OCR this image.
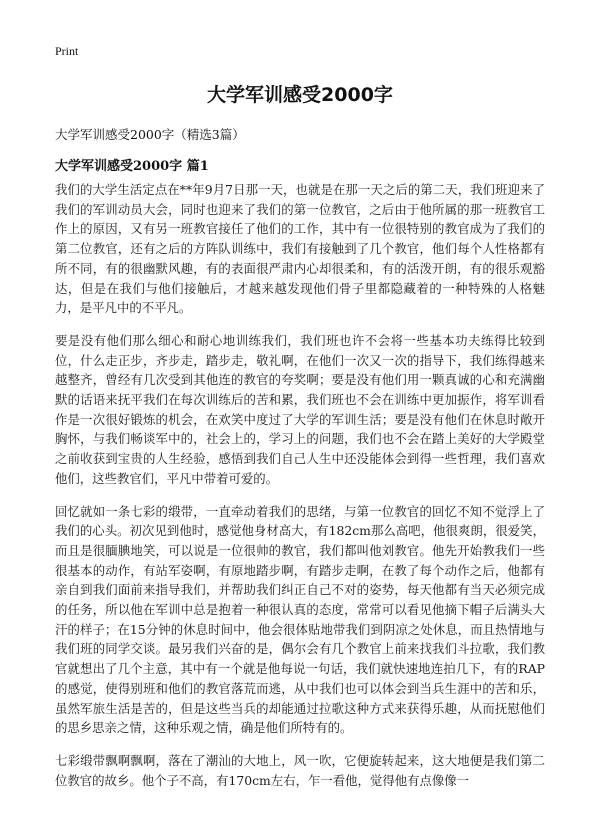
Print
大学军训感受2000字
大学军训感受2000字（精选3篇）
大学军训感受2000字 篇1

我们的大学生活定点在**年9月7日那一天，也就是在那一天之后的第二天，我们班迎来了我们的军训动员大会，同时也迎来了我们的第一位教官，之后由于他所属的那一班教官工作上的原因，又有另一班教官接任了他们的工作，其中有一位很特别的教官成为了我们的第二位教官，还有之后的方阵队训练中，我们有接触到了几个教官，他们每个人性格都有所不同，有的很幽默风趣，有的表面很严肃内心却很柔和，有的活泼开朗，有的很乐观豁达，但是在我们与他们接触后，才越来越发现他们骨子里都隐藏着的一种特殊的人格魅力，是平凡中的不平凡。

要是没有他们那么细心和耐心地训练我们，我们班也许不会将一些基本功夫练得比较到位，什么走正步，齐步走，踏步走，敬礼啊，在他们一次又一次的指导下，我们练得越来越整齐，曾经有几次受到其他连的教官的夸奖啊；要是没有他们用一颗真诚的心和充满幽默的话语来抚平我们在每次训练后的苦和累，我们班也不会在训练中更加振作，将军训看作是一次很好锻炼的机会，在欢笑中度过了大学的军训生活；要是没有他们在休息时敞开胸怀，与我们畅谈军中的，社会上的，学习上的问题，我们也不会在踏上美好的大学殿堂之前收获到宝贵的人生经验，感悟到我们自己人生中还没能体会到得一些哲理，我们喜欢他们，这些教官们，平凡中带着可爱的。

回忆就如一条七彩的缎带，一直牵动着我们的思绪，与第一位教官的回忆不知不觉浮上了我们的心头。初次见到他时，感觉他身材高大，有182cm那么高吧，他很爽朗，很爱笑，而且是很腼腆地笑，可以说是一位很帅的教官，我们都叫他刘教官。他先开始教我们一些很基本的动作，有站军姿啊，有原地踏步啊，有踏步走啊，在教了每个动作之后，他都有亲自到我们面前来指导我们，并帮助我们纠正自己不对的姿势，每天他都有当天必须完成的任务，所以他在军训中总是抱着一种很认真的态度，常常可以看见他摘下帽子后满头大汗的样子；在15分钟的休息时间中，他会很体贴地带我们到阴凉之处休息，而且热情地与我们班的同学交谈。最另我们兴奋的是，偶尔会有几个教官上前来找我们斗拉歌，我们教官就想出了几个主意，其中有一个就是他每说一句话，我们就快速地连拍几下，有的RAP的感觉，使得别班和他们的教官落荒而逃，从中我们也可以体会到当兵生涯中的苦和乐，虽然军旅生活是苦的，但是这些当兵的却能通过拉歌这种方式来获得乐趣，从而抚慰他们的思乡思亲之情，这种乐观之情，确是他们所特有的。

七彩缎带飘啊飘啊，落在了潮汕的大地上，风一吹，它便旋转起来，这大地便是我们第二位教官的故乡。他个子不高，有170cm左右，乍一看他，觉得他有点像像一
